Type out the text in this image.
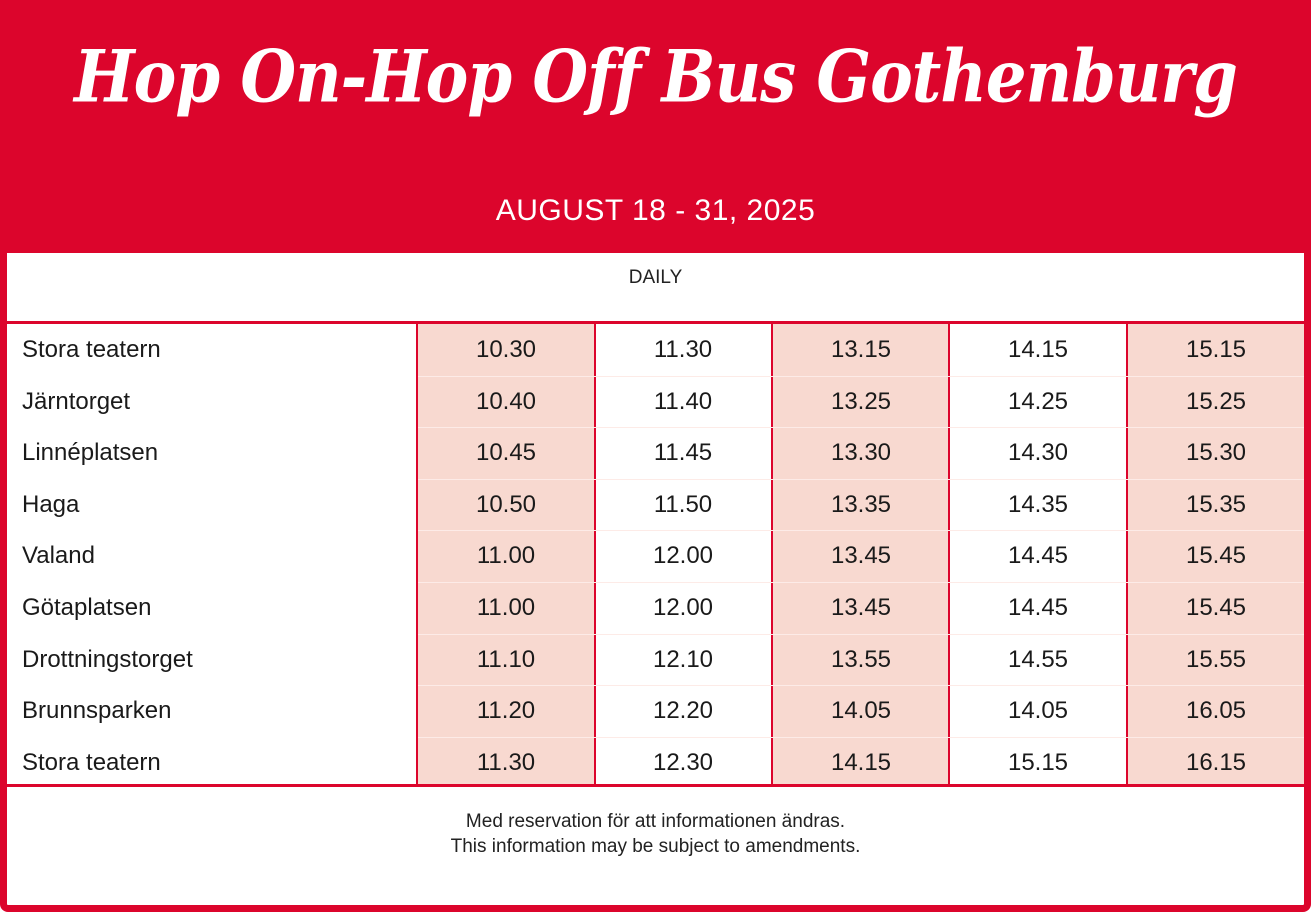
Hop On-Hop Off Bus Gothenburg
AUGUST 18 - 31, 2025
DAILY
Stora teatern	10.30	11.30	13.15	14.15	15.15
Järntorget	10.40	11.40	13.25	14.25	15.25
Linnéplatsen	10.45	11.45	13.30	14.30	15.30
Haga	10.50	11.50	13.35	14.35	15.35
Valand	11.00	12.00	13.45	14.45	15.45
Götaplatsen	11.00	12.00	13.45	14.45	15.45
Drottningstorget	11.10	12.10	13.55	14.55	15.55
Brunnsparken	11.20	12.20	14.05	14.05	16.05
Stora teatern	11.30	12.30	14.15	15.15	16.15
Med reservation för att informationen ändras.
This information may be subject to amendments.
